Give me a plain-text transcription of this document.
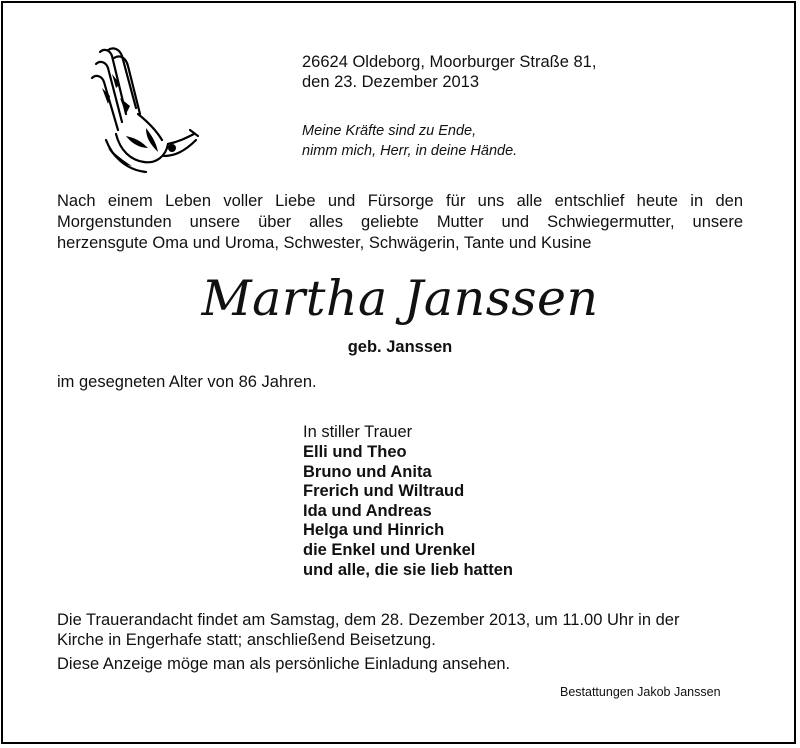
26624 Oldeborg, Moorburger Straße 81,
den 23. Dezember 2013
Meine Kräfte sind zu Ende,
nimm mich, Herr, in deine Hände.
Nach einem Leben voller Liebe und Fürsorge für uns alle entschlief heute in den
Morgenstunden unsere über alles geliebte Mutter und Schwiegermutter, unsere
herzensgute Oma und Uroma, Schwester, Schwägerin, Tante und Kusine
Martha Janssen
geb. Janssen
im gesegneten Alter von 86 Jahren.
In stiller Trauer
Elli und Theo
Bruno und Anita
Frerich und Wiltraud
Ida und Andreas
Helga und Hinrich
die Enkel und Urenkel
und alle, die sie lieb hatten
Die Trauerandacht findet am Samstag, dem 28. Dezember 2013, um 11.00 Uhr in der
Kirche in Engerhafe statt; anschließend Beisetzung.
Diese Anzeige möge man als persönliche Einladung ansehen.
Bestattungen Jakob Janssen
